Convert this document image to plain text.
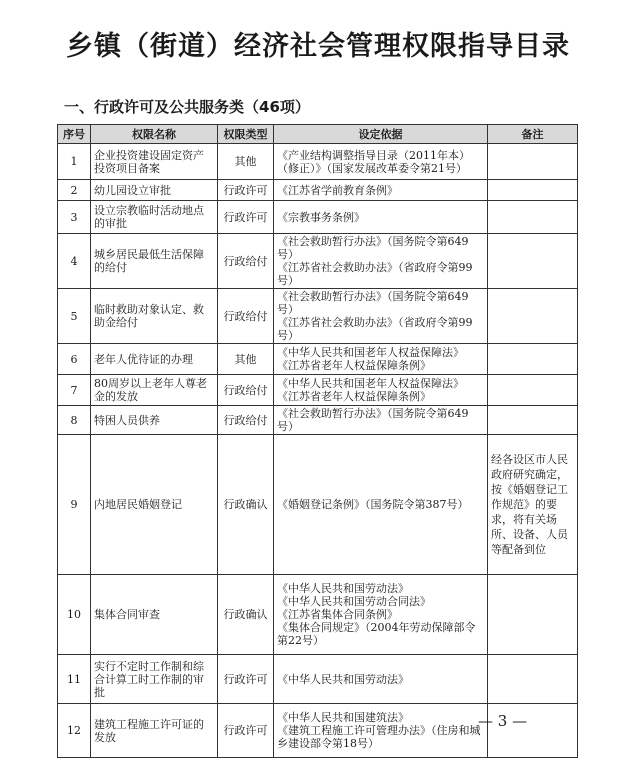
乡镇（街道）经济社会管理权限指导目录
一、行政许可及公共服务类（46项）
序号	权限名称	权限类型	设定依据	备注
1	企业投资建设固定资产投资项目备案	其他	《产业结构调整指导目录（2011年本）（修正）》（国家发展改革委令第21号）	

2	幼儿园设立审批	行政许可	《江苏省学前教育条例》	

3	设立宗教临时活动地点的审批	行政许可	《宗教事务条例》	

4	城乡居民最低生活保障的给付	行政给付	《社会救助暂行办法》（国务院令第649号）
《江苏省社会救助办法》（省政府令第99号）	

5	临时救助对象认定、救助金给付	行政给付	《社会救助暂行办法》（国务院令第649号）
《江苏省社会救助办法》（省政府令第99号）	

6	老年人优待证的办理	其他	《中华人民共和国老年人权益保障法》
《江苏省老年人权益保障条例》	

7	80周岁以上老年人尊老金的发放	行政给付	《中华人民共和国老年人权益保障法》
《江苏省老年人权益保障条例》	

8	特困人员供养	行政给付	《社会救助暂行办法》（国务院令第649号）	

9	内地居民婚姻登记	行政确认	《婚姻登记条例》（国务院令第387号）	经各设区市人民政府研究确定，按《婚姻登记工作规范》的要求，将有关场所、设备、人员等配备到位
10	集体合同审查	行政确认	《中华人民共和国劳动法》
《中华人民共和国劳动合同法》
《江苏省集体合同条例》
《集体合同规定》（2004年劳动保障部令第22号）	

11	实行不定时工作制和综合计算工时工作制的审批	行政许可	《中华人民共和国劳动法》	

12	建筑工程施工许可证的发放	行政许可	《中华人民共和国建筑法》
《建筑工程施工许可管理办法》（住房和城乡建设部令第18号）	

— 3 —
